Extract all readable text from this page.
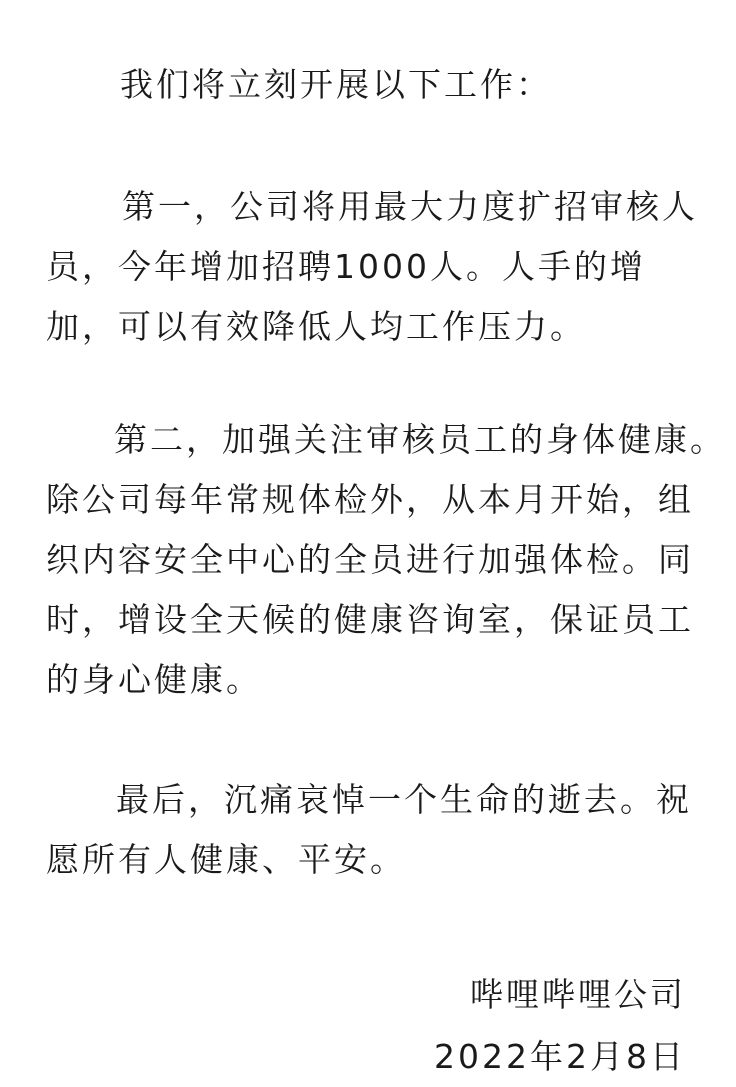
我们将立刻开展以下工作：
第一，公司将用最大力度扩招审核人
员，今年增加招聘1000人。人手的增
加，可以有效降低人均工作压力。
第二，加强关注审核员工的身体健康。
除公司每年常规体检外，从本月开始，组
织内容安全中心的全员进行加强体检。同
时，增设全天候的健康咨询室，保证员工
的身心健康。
最后，沉痛哀悼一个生命的逝去。祝
愿所有人健康、平安。
哔哩哔哩公司
2022年2月8日
